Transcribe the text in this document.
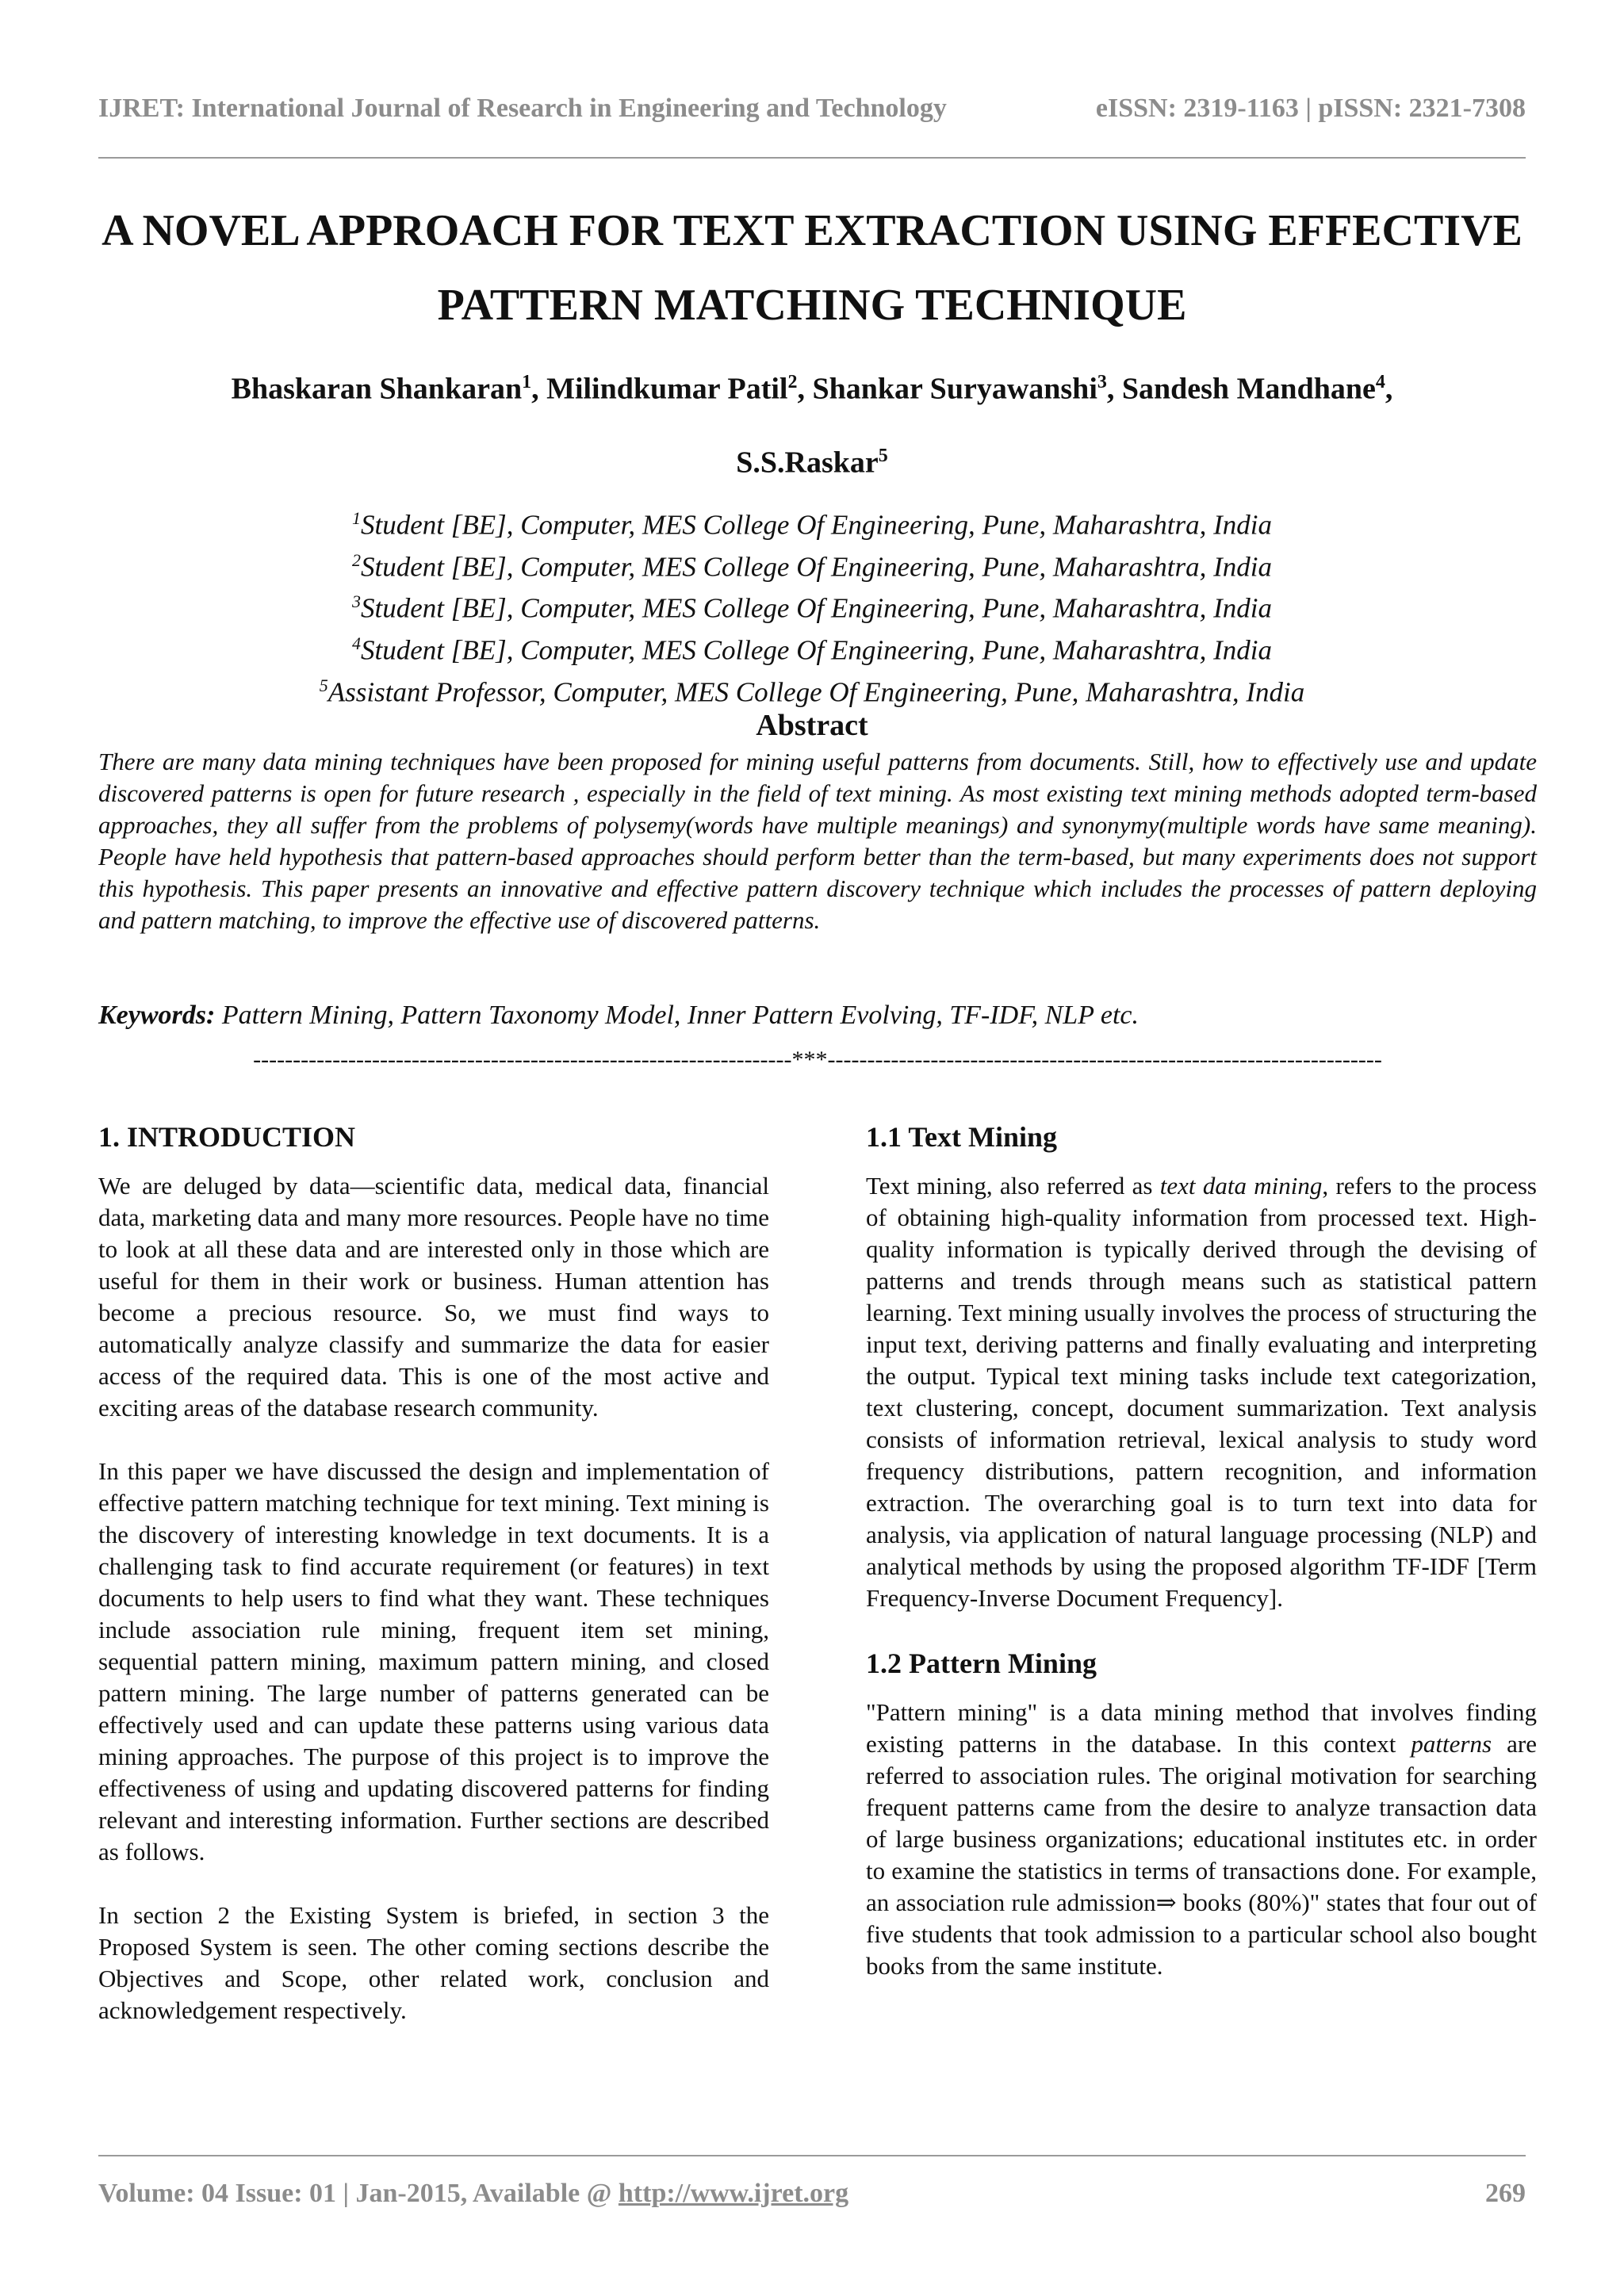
IJRET: International Journal of Research in Engineering and Technology	eISSN: 2319-1163 | pISSN: 2321-7308
A NOVEL APPROACH FOR TEXT EXTRACTION USING EFFECTIVE
PATTERN MATCHING TECHNIQUE
Bhaskaran Shankaran$^1$, Milindkumar Patil$^2$, Shankar Suryawanshi$^3$, Sandesh Mandhane$^4$,
S.S.Raskar$^5$
$^1$Student [BE], Computer, MES College Of Engineering, Pune, Maharashtra, India
$^2$Student [BE], Computer, MES College Of Engineering, Pune, Maharashtra, India
$^3$Student [BE], Computer, MES College Of Engineering, Pune, Maharashtra, India
$^4$Student [BE], Computer, MES College Of Engineering, Pune, Maharashtra, India
$^5$Assistant Professor, Computer, MES College Of Engineering, Pune, Maharashtra, India
Abstract

There are many data mining techniques have been proposed for mining useful patterns from documents. Still, how to effectively use and update discovered patterns is open for future research , especially in the field of text mining. As most existing text mining methods adopted term-based approaches, they all suffer from the problems of polysemy(words have multiple meanings) and synonymy(multiple words have same meaning). People have held hypothesis that pattern-based approaches should perform better than the term-based, but many experiments does not support this hypothesis. This paper presents an innovative and effective pattern discovery technique which includes the processes of pattern deploying and pattern matching, to improve the effective use of discovered patterns.

Keywords: Pattern Mining, Pattern Taxonomy Model, Inner Pattern Evolving, TF-IDF, NLP etc.

--------------------------------------------------------------------***----------------------------------------------------------------------
1. INTRODUCTION

We are deluged by data—scientific data, medical data, financial data, marketing data and many more resources. People have no time to look at all these data and are interested only in those which are useful for them in their work or business. Human attention has become a precious resource. So, we must find ways to automatically analyze classify and summarize the data for easier access of the required data. This is one of the most active and exciting areas of the database research community.

In this paper we have discussed the design and implementation of effective pattern matching technique for text mining. Text mining is the discovery of interesting knowledge in text documents. It is a challenging task to find accurate requirement (or features) in text documents to help users to find what they want. These techniques include association rule mining, frequent item set mining, sequential pattern mining, maximum pattern mining, and closed pattern mining. The large number of patterns generated can be effectively used and can update these patterns using various data mining approaches. The purpose of this project is to improve the effectiveness of using and updating discovered patterns for finding relevant and interesting information. Further sections are described as follows.

In section 2 the Existing System is briefed, in section 3 the Proposed System is seen. The other coming sections describe the Objectives and Scope, other related work, conclusion and acknowledgement respectively.

1.1 Text Mining

Text mining, also referred as text data mining, refers to the process of obtaining high-quality information from processed text. High-quality information is typically derived through the devising of patterns and trends through means such as statistical pattern learning. Text mining usually involves the process of structuring the input text, deriving patterns and finally evaluating and interpreting the output. Typical text mining tasks include text categorization, text clustering, concept, document summarization. Text analysis consists of information retrieval, lexical analysis to study word frequency distributions, pattern recognition, and information extraction. The overarching goal is to turn text into data for analysis, via application of natural language processing (NLP) and analytical methods by using the proposed algorithm TF-IDF [Term Frequency-Inverse Document Frequency].

1.2 Pattern Mining

"Pattern mining" is a data mining method that involves finding existing patterns in the database. In this context patterns are referred to association rules. The original motivation for searching frequent patterns came from the desire to analyze transaction data of large business organizations; educational institutes etc. in order to examine the statistics in terms of transactions done. For example, an association rule admission⇒ books (80%)" states that four out of five students that took admission to a particular school also bought books from the same institute.

Volume: 04 Issue: 01 | Jan-2015, Available @ http://www.ijret.org	269
